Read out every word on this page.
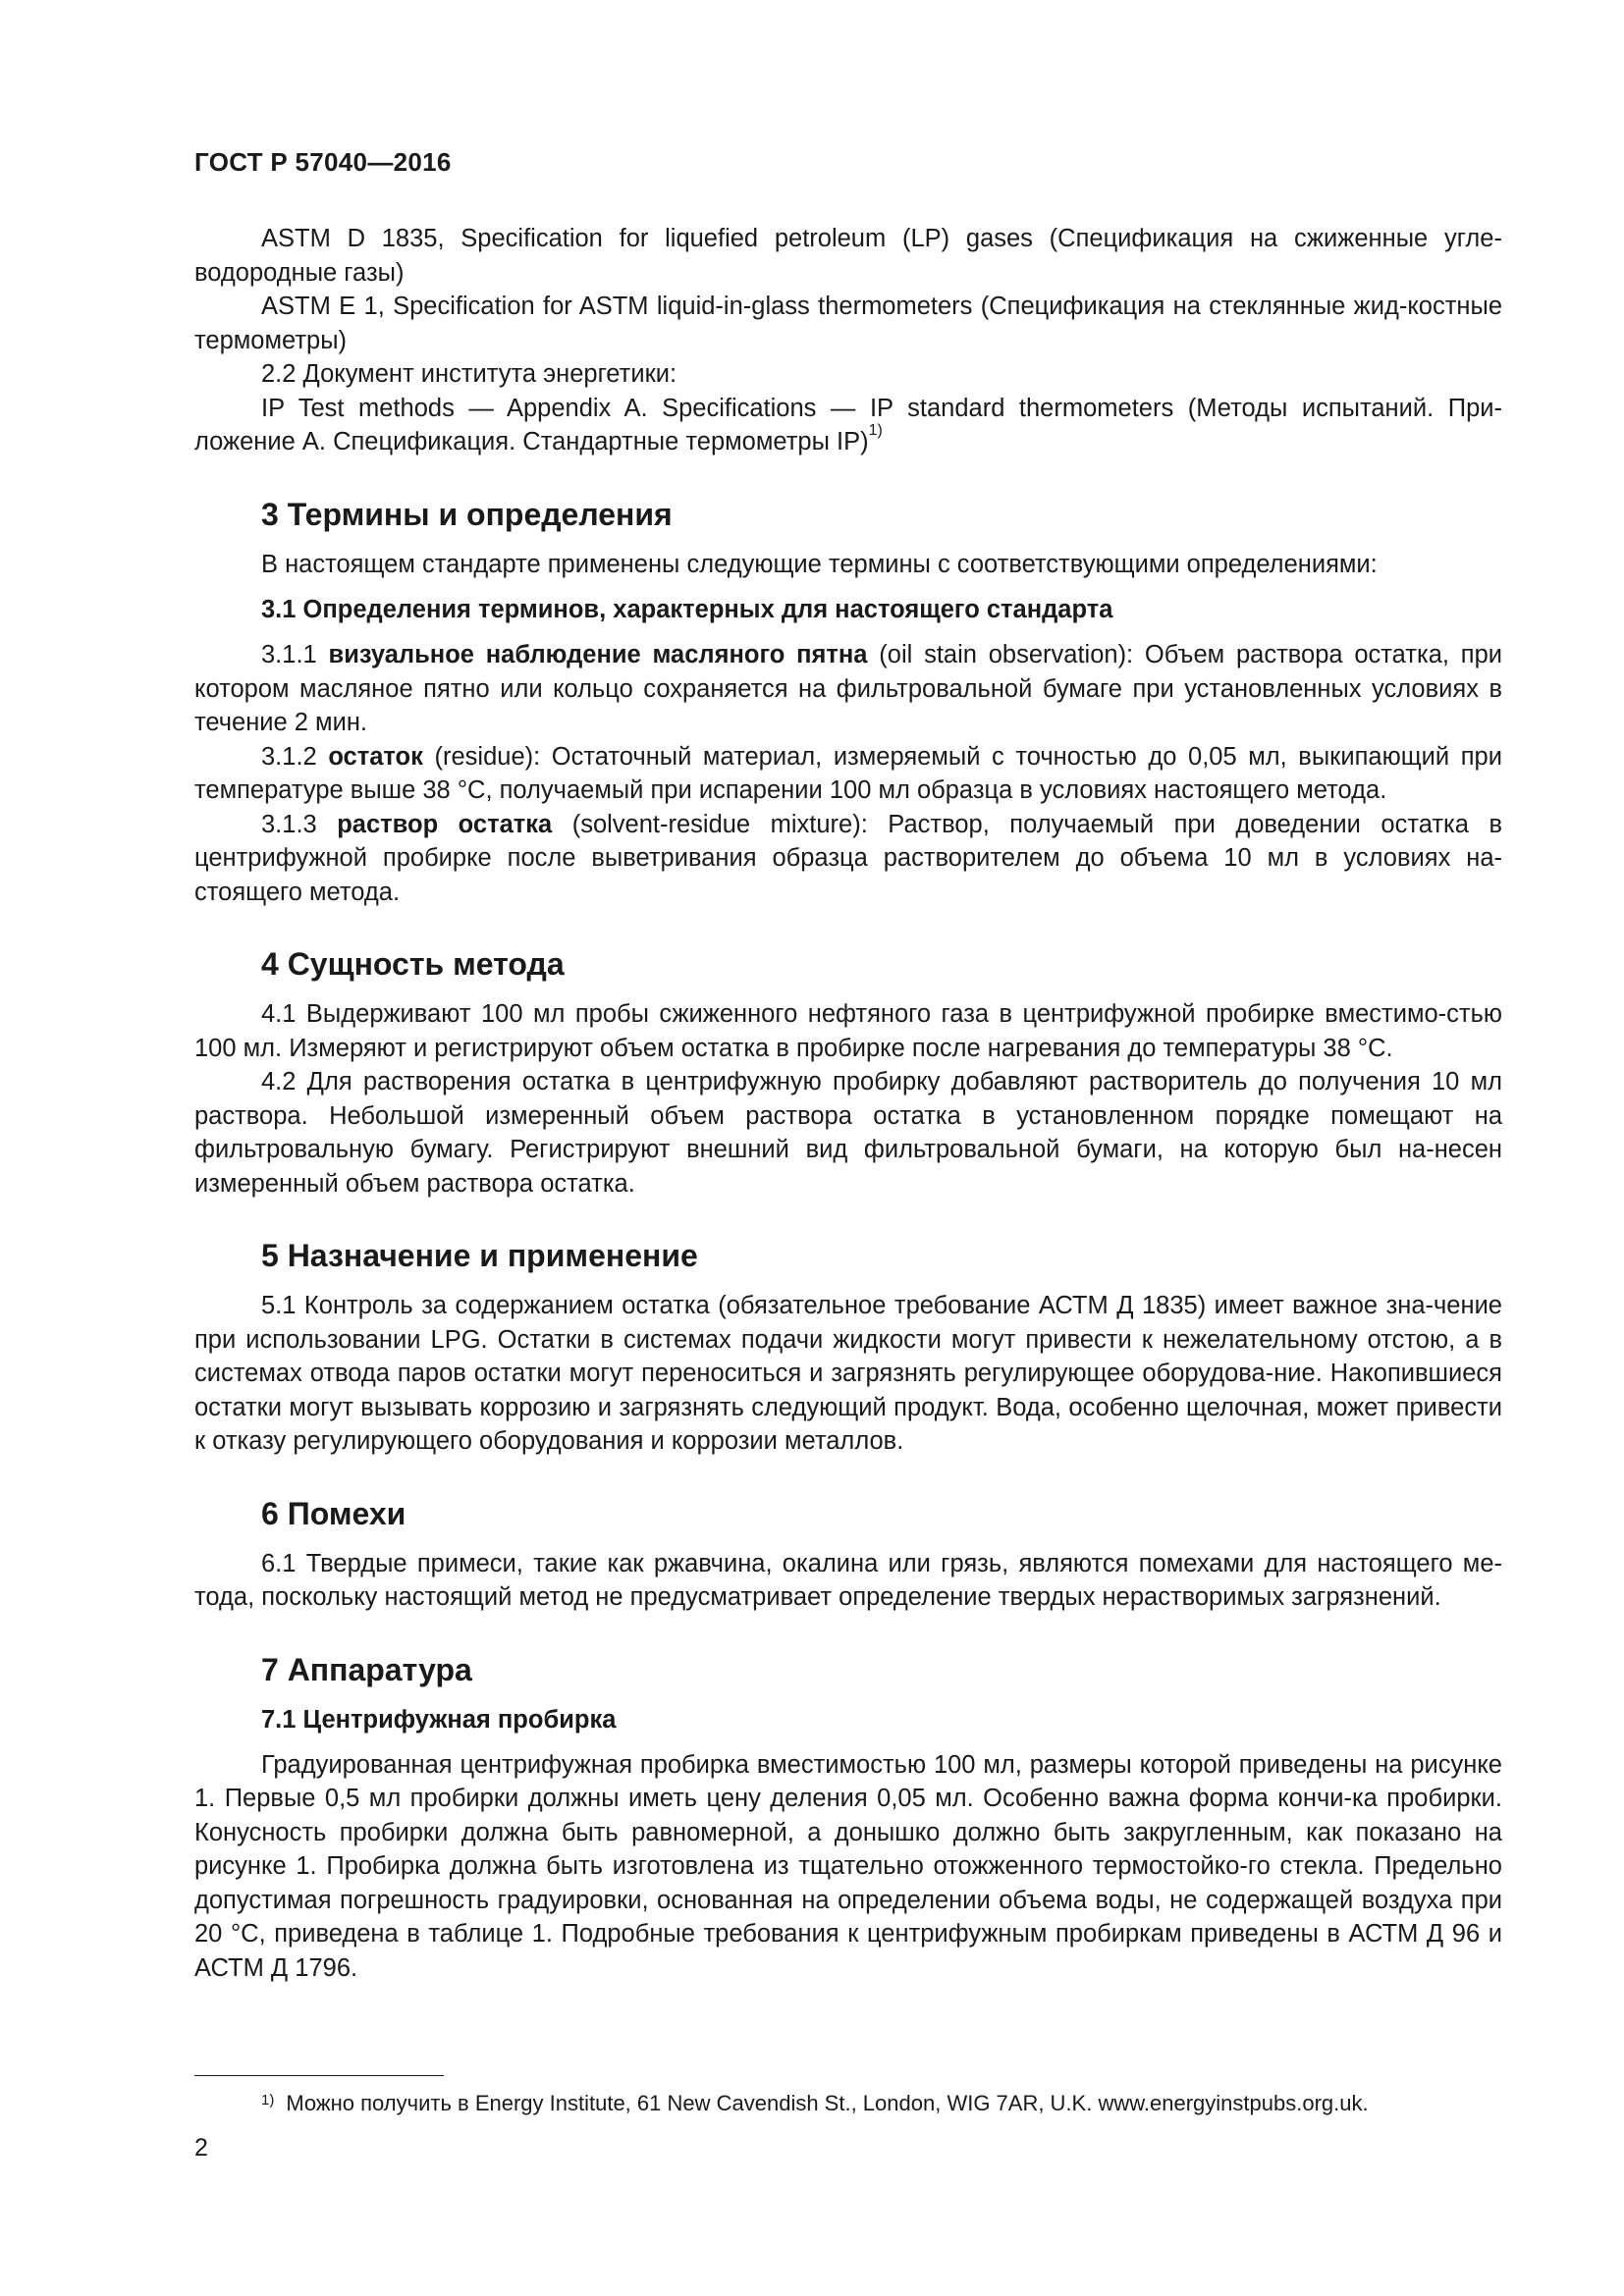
ГОСТ Р 57040—2016

ASTM D 1835, Specification for liquefied petroleum (LP) gases (Спецификация на сжиженные угле-водородные газы)

ASTM E 1, Specification for ASTM liquid-in-glass thermometers (Спецификация на стеклянные жид-костные термометры)

2.2 Документ института энергетики:

IP Test methods — Appendix A. Specifications — IP standard thermometers (Методы испытаний. При-ложение А. Спецификация. Стандартные термометры IP)$^{1)}$

3 Термины и определения

В настоящем стандарте применены следующие термины с соответствующими определениями:

3.1 Определения терминов, характерных для настоящего стандарта

3.1.1 визуальное наблюдение масляного пятна (oil stain observation): Объем раствора остатка, при котором масляное пятно или кольцо сохраняется на фильтровальной бумаге при установленных условиях в течение 2 мин.

3.1.2 остаток (residue): Остаточный материал, измеряемый с точностью до 0,05 мл, выкипающий при температуре выше 38 °С, получаемый при испарении 100 мл образца в условиях настоящего метода.

3.1.3 раствор остатка (solvent-residue mixture): Раствор, получаемый при доведении остатка в центрифужной пробирке после выветривания образца растворителем до объема 10 мл в условиях на-стоящего метода.

4 Сущность метода

4.1 Выдерживают 100 мл пробы сжиженного нефтяного газа в центрифужной пробирке вместимо-стью 100 мл. Измеряют и регистрируют объем остатка в пробирке после нагревания до температуры 38 °С.

4.2 Для растворения остатка в центрифужную пробирку добавляют растворитель до получения 10 мл раствора. Небольшой измеренный объем раствора остатка в установленном порядке помещают на фильтровальную бумагу. Регистрируют внешний вид фильтровальной бумаги, на которую был на-несен измеренный объем раствора остатка.

5 Назначение и применение

5.1 Контроль за содержанием остатка (обязательное требование АСТМ Д 1835) имеет важное зна-чение при использовании LPG. Остатки в системах подачи жидкости могут привести к нежелательному отстою, а в системах отвода паров остатки могут переноситься и загрязнять регулирующее оборудова-ние. Накопившиеся остатки могут вызывать коррозию и загрязнять следующий продукт. Вода, особенно щелочная, может привести к отказу регулирующего оборудования и коррозии металлов.

6 Помехи

6.1 Твердые примеси, такие как ржавчина, окалина или грязь, являются помехами для настоящего ме-тода, поскольку настоящий метод не предусматривает определение твердых нерастворимых загрязнений.

7 Аппаратура
7.1 Центрифужная пробирка

Градуированная центрифужная пробирка вместимостью 100 мл, размеры которой приведены на рисунке 1. Первые 0,5 мл пробирки должны иметь цену деления 0,05 мл. Особенно важна форма кончи-ка пробирки. Конусность пробирки должна быть равномерной, а донышко должно быть закругленным, как показано на рисунке 1. Пробирка должна быть изготовлена из тщательно отожженного термостойко-го стекла. Предельно допустимая погрешность градуировки, основанная на определении объема воды, не содержащей воздуха при 20 °С, приведена в таблице 1. Подробные требования к центрифужным пробиркам приведены в АСТМ Д 96 и АСТМ Д 1796.

$^{1)}$ Можно получить в Energy Institute, 61 New Cavendish St., London, WIG 7AR, U.K. www.energyinstpubs.org.uk.
2
